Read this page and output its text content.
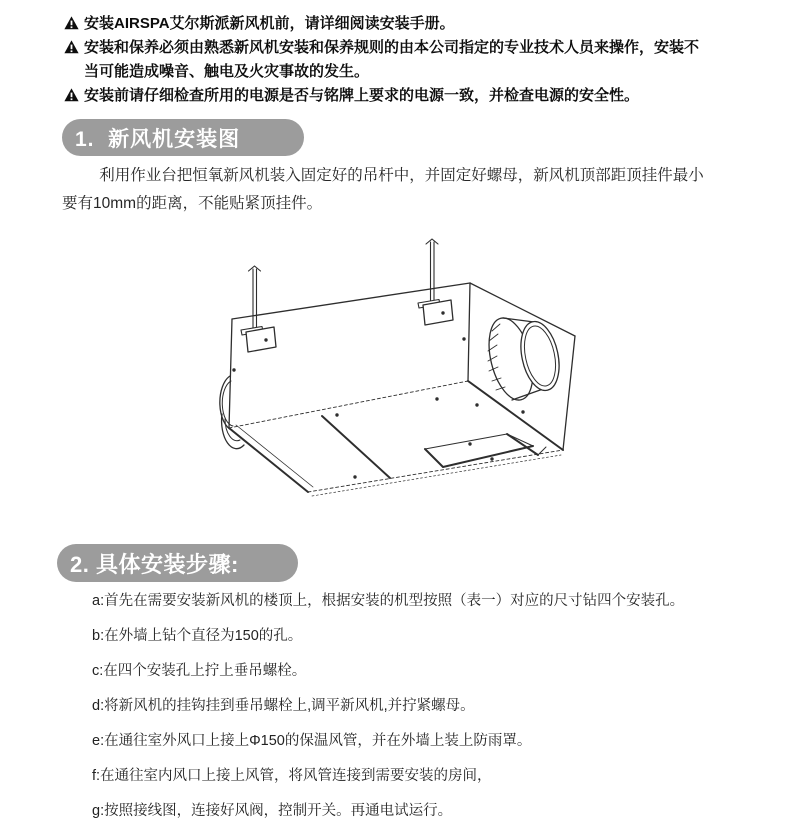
安装AIRSPA艾尔斯派新风机前，请详细阅读安装手册。
安装和保养必须由熟悉新风机安装和保养规则的由本公司指定的专业技术人员来操作，安装不当可能造成噪音、触电及火灾事故的发生。
安装前请仔细检查所用的电源是否与铭牌上要求的电源一致，并检查电源的安全性。
1.  新风机安装图
利用作业台把恒氧新风机装入固定好的吊杆中，并固定好螺母，新风机顶部距顶挂件最小要有10mm的距离，不能贴紧顶挂件。
2. 具体安装步骤:

a:首先在需要安装新风机的楼顶上，根据安装的机型按照（表一）对应的尺寸钻四个安装孔。

b:在外墙上钻个直径为150的孔。

c:在四个安装孔上拧上垂吊螺栓。

d:将新风机的挂钩挂到垂吊螺栓上,调平新风机,并拧紧螺母。

e:在通往室外风口上接上Φ150的保温风管，并在外墙上装上防雨罩。

f:在通往室内风口上接上风管，将风管连接到需要安装的房间，

g:按照接线图，连接好风阀，控制开关。再通电试运行。
